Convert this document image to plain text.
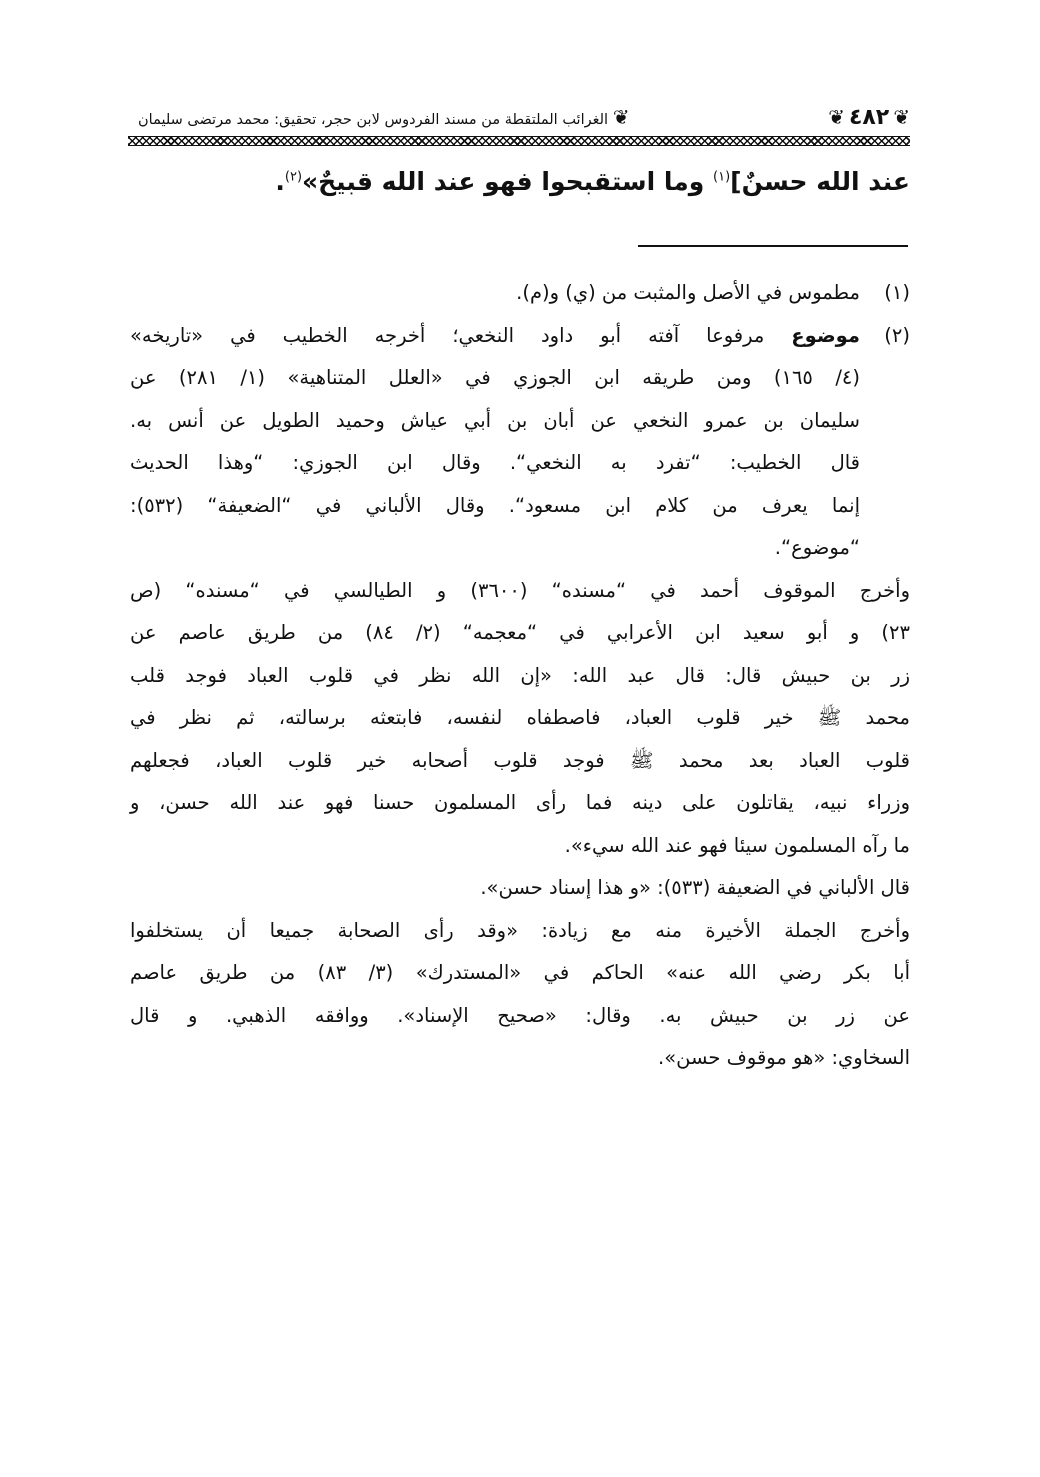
❦
٤٨٢
❦
❦ الغرائب الملتقطة من مسند الفردوس لابن حجر، تحقيق: محمد مرتضى سليمان
عند الله حسنٌ]$^{(١)}$ وما استقبحوا فهو عند الله قبيحٌ»$^{(٢)}$.
(١)
مطموس في الأصل والمثبت من (ي) و(م).
(٢)
موضوع مرفوعا آفته أبو داود النخعي؛ أخرجه الخطيب في «تاريخه»
(٤/ ١٦٥) ومن طريقه ابن الجوزي في «العلل المتناهية» (١/ ٢٨١) عن
سليمان بن عمرو النخعي عن أبان بن أبي عياش وحميد الطويل عن أنس به.
قال الخطيب: “تفرد به النخعي“. وقال ابن الجوزي: “وهذا الحديث
إنما يعرف من كلام ابن مسعود“. وقال الألباني في “الضعيفة“ (٥٣٢):
“موضوع“.
وأخرج الموقوف أحمد في “مسنده“ (٣٦٠٠) و الطيالسي في “مسنده“ (ص
٢٣) و أبو سعيد ابن الأعرابي في “معجمه“ (٢/ ٨٤) من طريق عاصم عن
زر بن حبيش قال: قال عبد الله: «إن الله نظر في قلوب العباد فوجد قلب
محمد ﷺ خير قلوب العباد، فاصطفاه لنفسه، فابتعثه برسالته، ثم نظر في
قلوب العباد بعد محمد ﷺ فوجد قلوب أصحابه خير قلوب العباد، فجعلهم
وزراء نبيه، يقاتلون على دينه فما رأى المسلمون حسنا فهو عند الله حسن، و
ما رآه المسلمون سيئا فهو عند الله سيء».
قال الألباني في الضعيفة (٥٣٣): «و هذا إسناد حسن».
وأخرج الجملة الأخيرة منه مع زيادة: «وقد رأى الصحابة جميعا أن يستخلفوا
أبا بكر رضي الله عنه» الحاكم في «المستدرك» (٣/ ٨٣) من طريق عاصم
عن زر بن حبيش به. وقال: «صحيح الإسناد». ووافقه الذهبي. و قال
السخاوي: «هو موقوف حسن».
